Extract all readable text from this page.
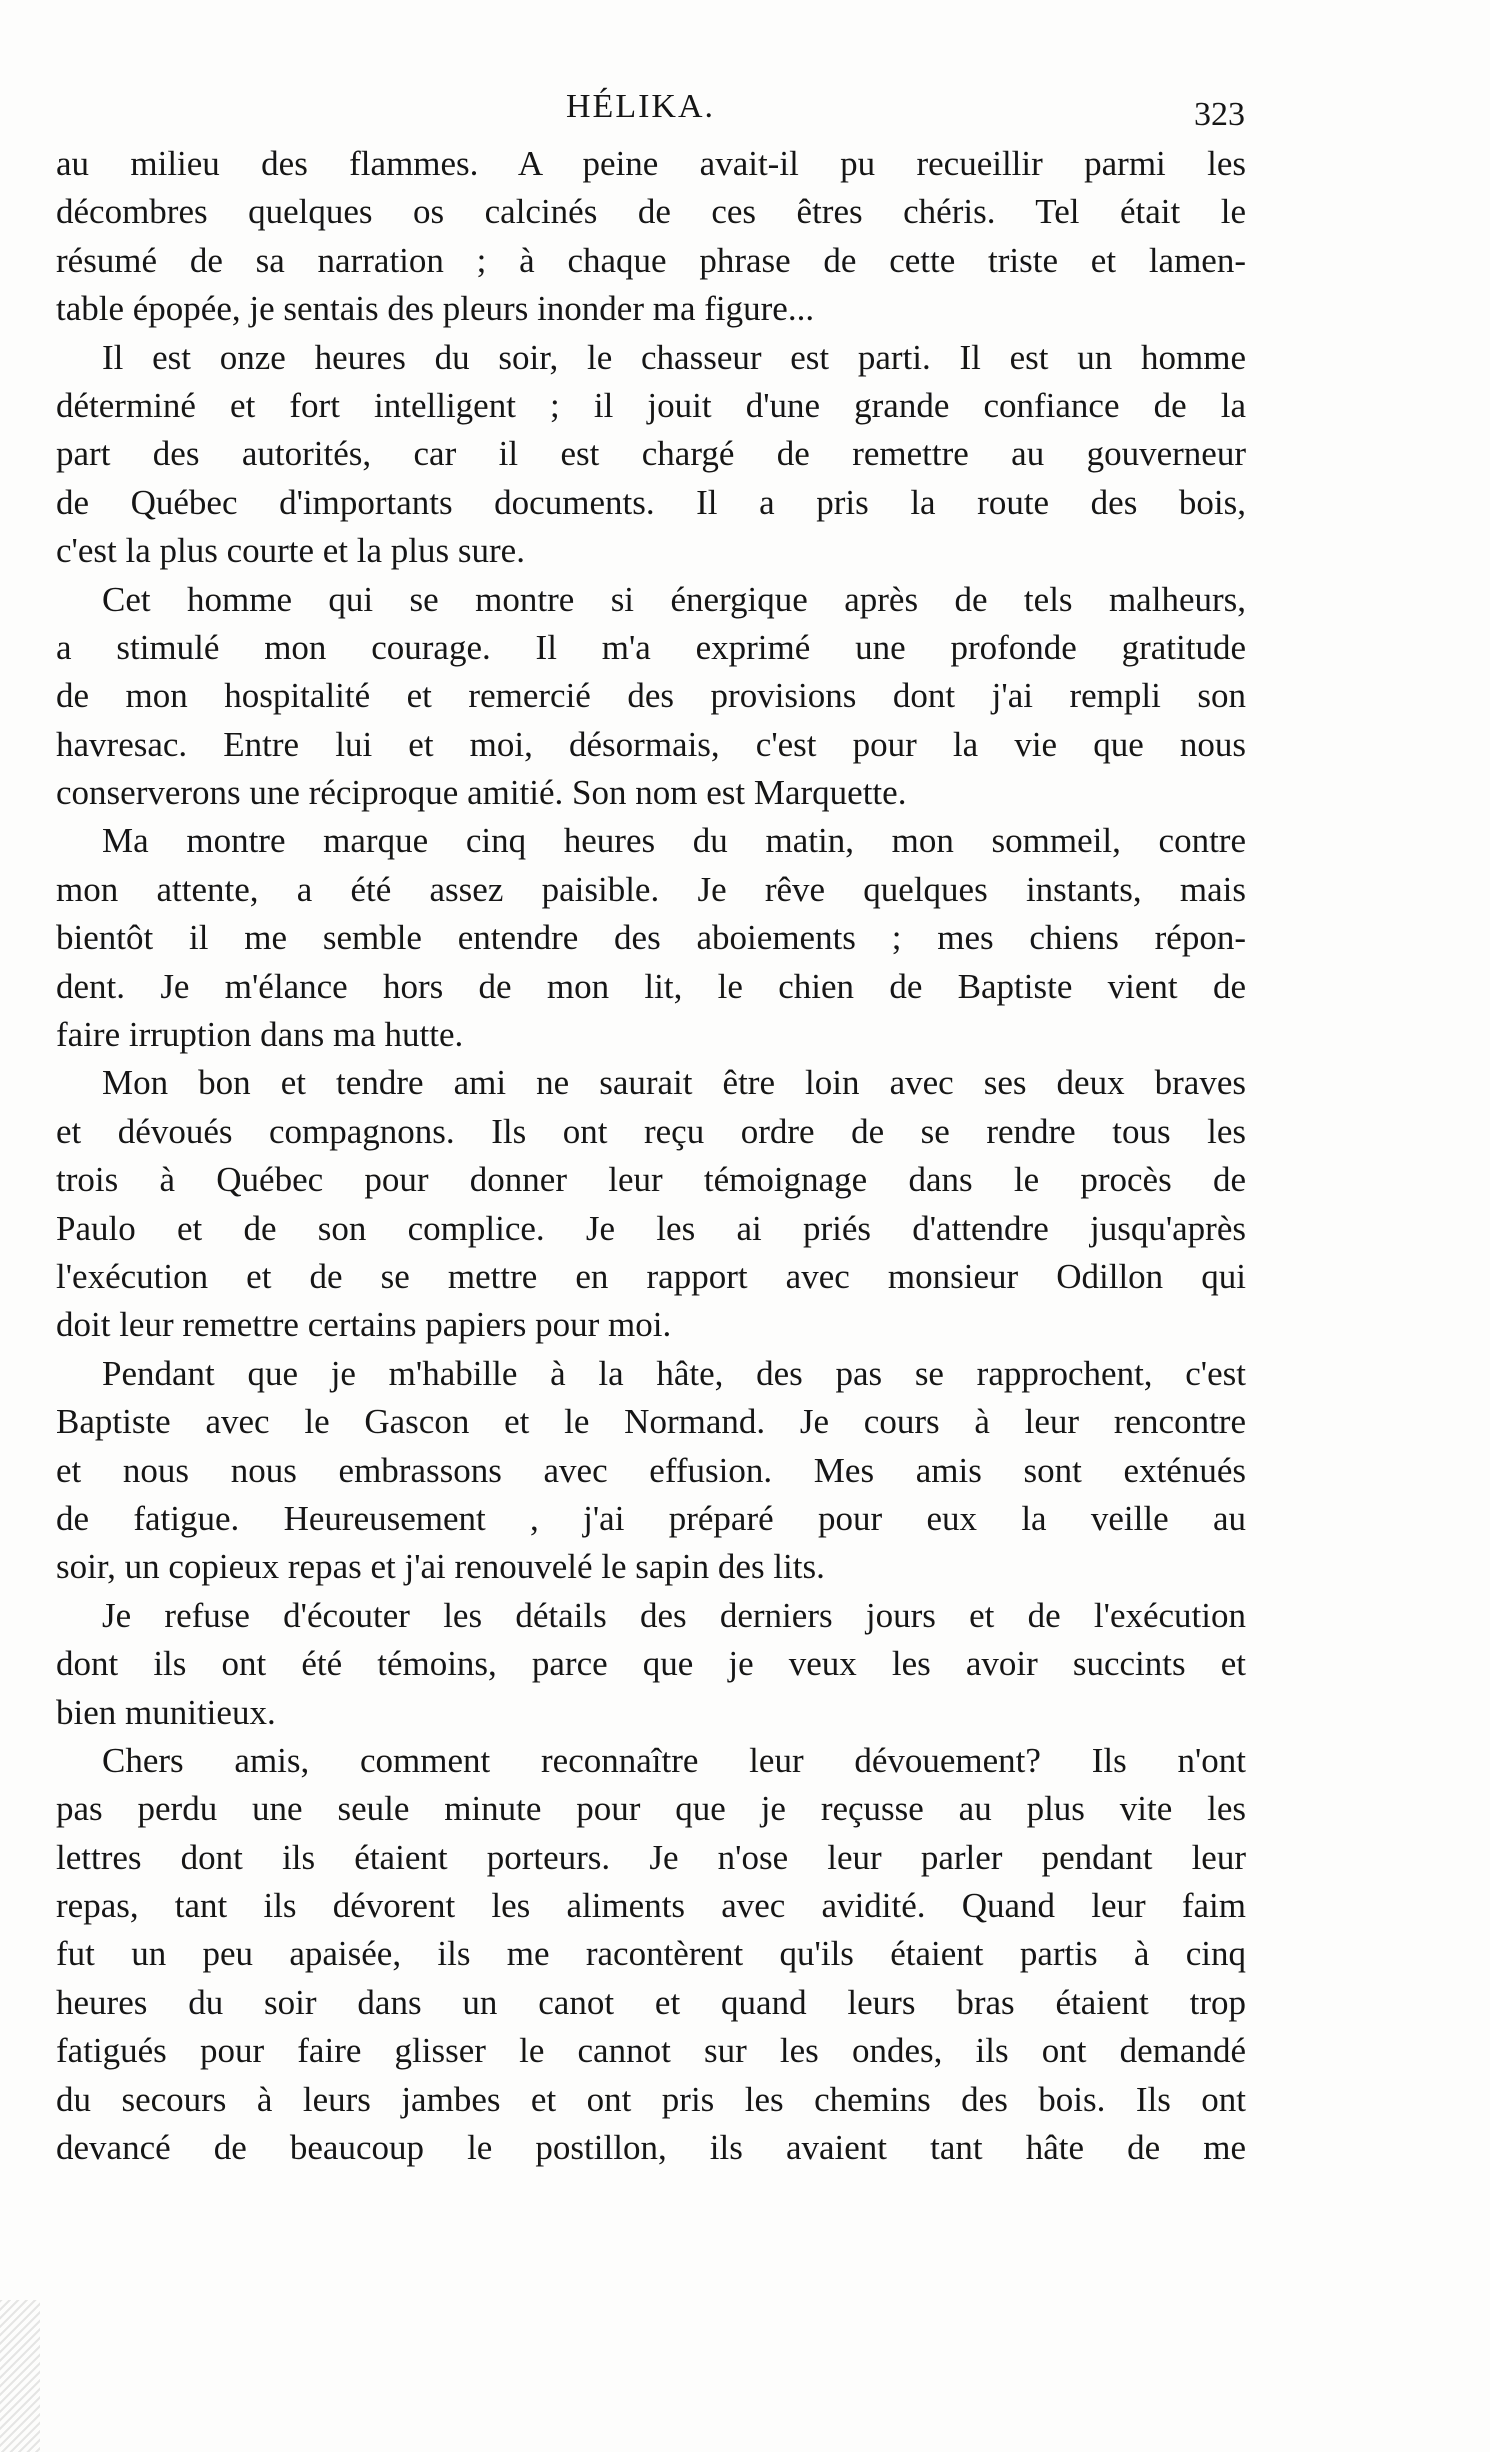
HÉLIKA.	323
au milieu des flammes. A peine avait-il pu recueillir parmi les
décombres quelques os calcinés de ces êtres chéris. Tel était le
résumé de sa narration ; à chaque phrase de cette triste et lamen-
table épopée, je sentais des pleurs inonder ma figure...
Il est onze heures du soir, le chasseur est parti. Il est un homme
déterminé et fort intelligent ; il jouit d'une grande confiance de la
part des autorités, car il est chargé de remettre au gouverneur
de Québec d'importants documents. Il a pris la route des bois,
c'est la plus courte et la plus sure.
Cet homme qui se montre si énergique après de tels malheurs,
a stimulé mon courage. Il m'a exprimé une profonde gratitude
de mon hospitalité et remercié des provisions dont j'ai rempli son
havresac. Entre lui et moi, désormais, c'est pour la vie que nous
conserverons une réciproque amitié. Son nom est Marquette.
Ma montre marque cinq heures du matin, mon sommeil, contre
mon attente, a été assez paisible. Je rêve quelques instants, mais
bientôt il me semble entendre des aboiements ; mes chiens répon-
dent. Je m'élance hors de mon lit, le chien de Baptiste vient de
faire irruption dans ma hutte.
Mon bon et tendre ami ne saurait être loin avec ses deux braves
et dévoués compagnons. Ils ont reçu ordre de se rendre tous les
trois à Québec pour donner leur témoignage dans le procès de
Paulo et de son complice. Je les ai priés d'attendre jusqu'après
l'exécution et de se mettre en rapport avec monsieur Odillon qui
doit leur remettre certains papiers pour moi.
Pendant que je m'habille à la hâte, des pas se rapprochent, c'est
Baptiste avec le Gascon et le Normand. Je cours à leur rencontre
et nous nous embrassons avec effusion. Mes amis sont exténués
de fatigue. Heureusement , j'ai préparé pour eux la veille au
soir, un copieux repas et j'ai renouvelé le sapin des lits.
Je refuse d'écouter les détails des derniers jours et de l'exécution
dont ils ont été témoins, parce que je veux les avoir succints et
bien munitieux.
Chers amis, comment reconnaître leur dévouement? Ils n'ont
pas perdu une seule minute pour que je reçusse au plus vite les
lettres dont ils étaient porteurs. Je n'ose leur parler pendant leur
repas, tant ils dévorent les aliments avec avidité. Quand leur faim
fut un peu apaisée, ils me racontèrent qu'ils étaient partis à cinq
heures du soir dans un canot et quand leurs bras étaient trop
fatigués pour faire glisser le cannot sur les ondes, ils ont demandé
du secours à leurs jambes et ont pris les chemins des bois. Ils ont
devancé de beaucoup le postillon, ils avaient tant hâte de me
